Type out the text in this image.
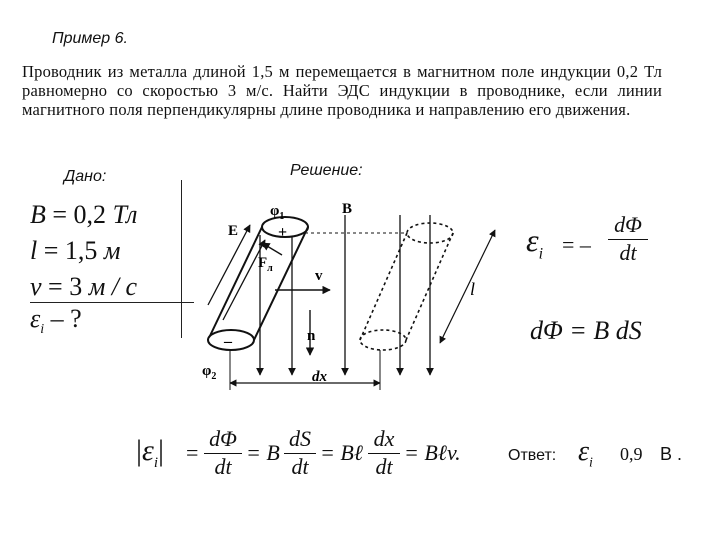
Пример 6.
Проводник из металла длиной 1,5 м перемещается в магнитном поле индукции 0,2 Тл равномерно со скоростью 3 м/с. Найти ЭДС индукции в проводнике, если линии магнитного поля перпендикулярны длине проводника и направлению его движения.
Дано:	Решение:
B = 0,2 Тл
l = 1,5 м
v = 3 м / с
$\varepsilon_i$ – ?
$\varphi_1$
$\varphi_2$
B
E
$F_л$	v
n
l
dx
+
–
$\varepsilon_i$ = –
dΦ
dt
dΦ = B dS
$|\varepsilon_i|$ =
dΦ
dt
= B
dS
dt
= Bℓ
dx
dt
= Bℓv.	Ответ: $\varepsilon_i$ 0,9 В .
